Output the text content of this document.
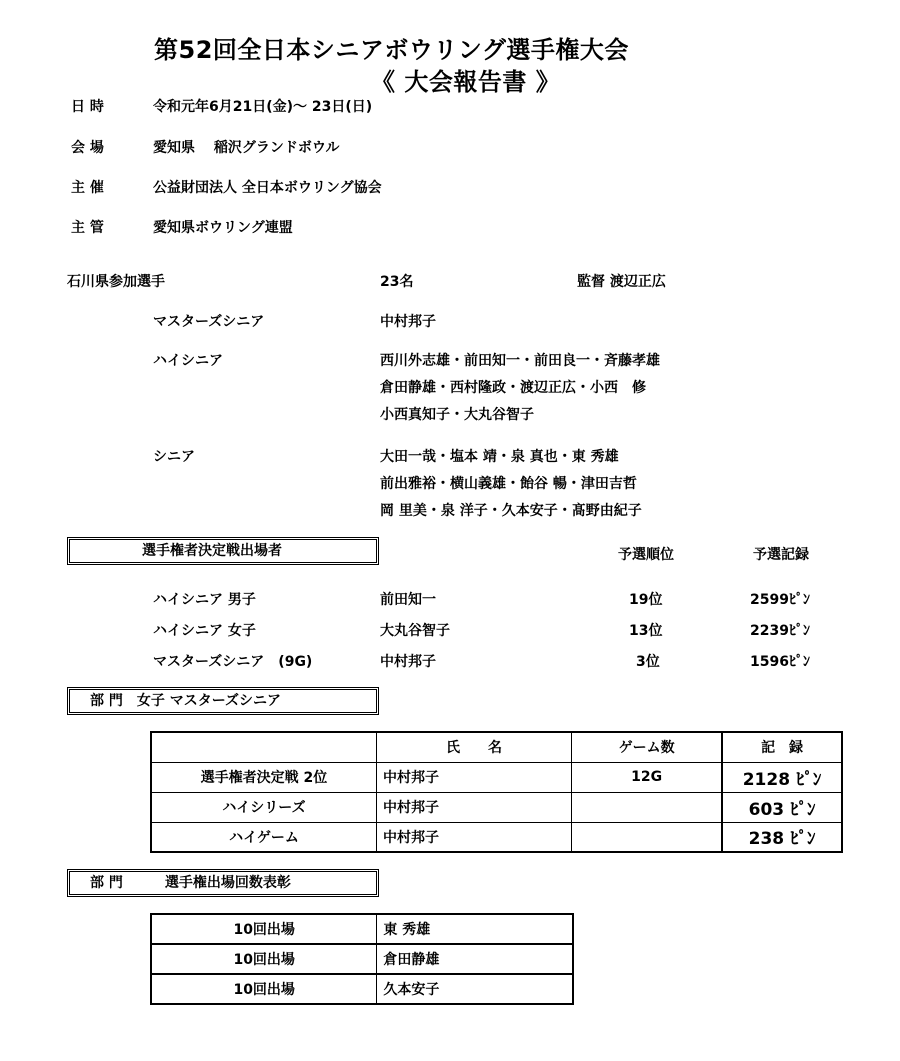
第52回全日本シニアボウリング選手権大会
《 大会報告書 》
日 時	令和元年6月21日(金)～ 23日(日)
会 場	愛知県　 稲沢グランドボウル
主 催	公益財団法人 全日本ボウリング協会
主 管	愛知県ボウリング連盟
石川県参加選手	23名	監督 渡辺正広
マスターズシニア	中村邦子
ハイシニア	西川外志雄・前田知一・前田良一・斉藤孝雄
倉田静雄・西村隆政・渡辺正広・小西　修
小西真知子・大丸谷智子
シニア	大田一哉・塩本 靖・泉 真也・東 秀雄
前出雅裕・横山義雄・飴谷 暢・津田吉哲
岡 里美・泉 洋子・久本安子・髙野由紀子
選手権者決定戦出場者	予選順位	予選記録
ハイシニア 男子	前田知一	19位	2599ﾋﾟﾝ
ハイシニア 女子	大丸谷智子	13位	2239ﾋﾟﾝ
マスターズシニア　(9G)	中村邦子	3位	1596ﾋﾟﾝ
部 門　女子 マスターズシニア
	氏　　名	ゲーム数	記　録
選手権者決定戦 2位	中村邦子	12G	2128 ﾋﾟﾝ
ハイシリーズ	中村邦子		603 ﾋﾟﾝ
ハイゲーム	中村邦子		238 ﾋﾟﾝ
部 門　　　選手権出場回数表彰
10回出場	東 秀雄
10回出場	倉田静雄
10回出場	久本安子
